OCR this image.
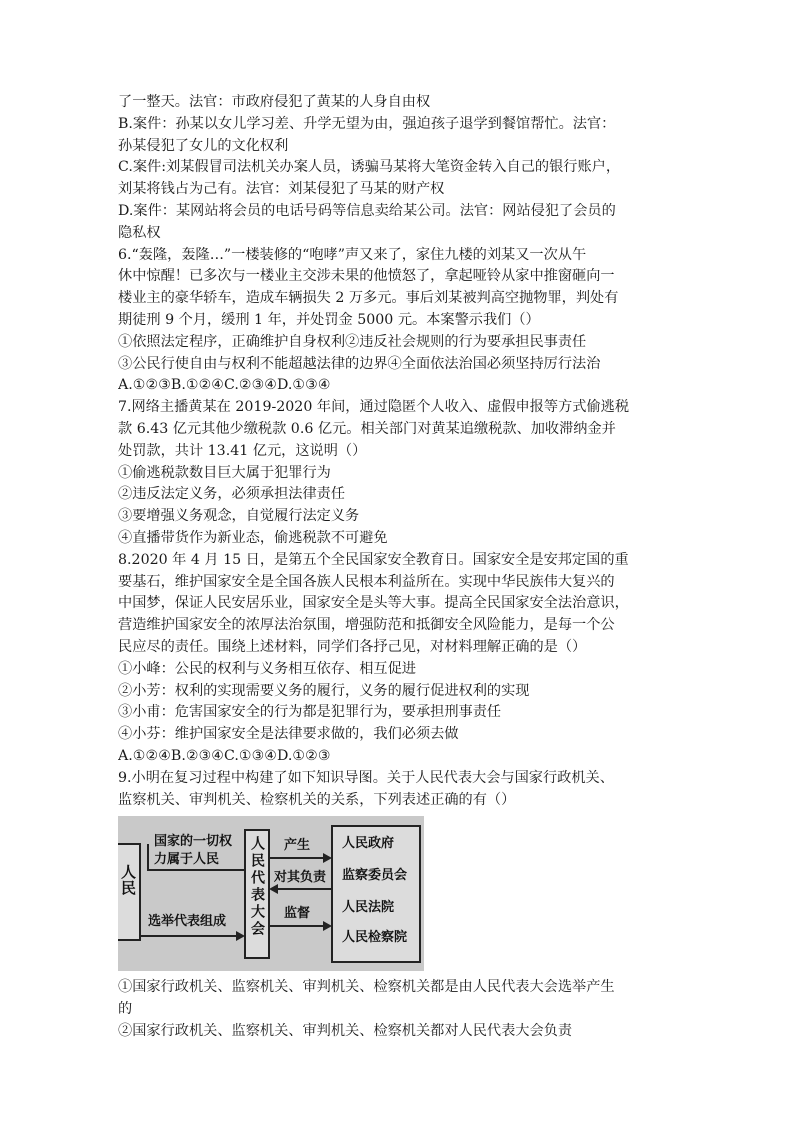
了一整天。法官：市政府侵犯了黄某的人身自由权
B.案件：孙某以女儿学习差、升学无望为由，强迫孩子退学到餐馆帮忙。法官：
孙某侵犯了女儿的文化权利
C.案件:刘某假冒司法机关办案人员，诱骗马某将大笔资金转入自己的银行账户，
刘某将钱占为己有。法官：刘某侵犯了马某的财产权
D.案件：某网站将会员的电话号码等信息卖给某公司。法官：网站侵犯了会员的
隐私权
6.“轰隆，轰隆…”一楼装修的“咆哮”声又来了，家住九楼的刘某又一次从午
休中惊醒！已多次与一楼业主交涉未果的他愤怒了，拿起哑铃从家中推窗砸向一
楼业主的豪华轿车，造成车辆损失 2 万多元。事后刘某被判高空抛物罪，判处有
期徒刑 9 个月，缓刑 1 年，并处罚金 5000 元。本案警示我们（）
①依照法定程序，正确维护自身权利②违反社会规则的行为要承担民事责任
③公民行使自由与权利不能超越法律的边界④全面依法治国必须坚持厉行法治
A.①②③B.①②④C.②③④D.①③④
7.网络主播黄某在 2019-2020 年间，通过隐匿个人收入、虚假申报等方式偷逃税
款 6.43 亿元其他少缴税款 0.6 亿元。相关部门对黄某追缴税款、加收滞纳金并
处罚款，共计 13.41 亿元，这说明（）
①偷逃税款数目巨大属于犯罪行为
②违反法定义务，必须承担法律责任
③要增强义务观念，自觉履行法定义务
④直播带货作为新业态，偷逃税款不可避免
8.2020 年 4 月 15 日，是第五个全民国家安全教育日。国家安全是安邦定国的重
要基石，维护国家安全是全国各族人民根本利益所在。实现中华民族伟大复兴的
中国梦，保证人民安居乐业，国家安全是头等大事。提高全民国家安全法治意识，
营造维护国家安全的浓厚法治氛围，增强防范和抵御安全风险能力，是每一个公
民应尽的责任。围绕上述材料，同学们各抒己见，对材料理解正确的是（）
①小峰：公民的权利与义务相互依存、相互促进
②小芳：权利的实现需要义务的履行，义务的履行促进权利的实现
③小甫：危害国家安全的行为都是犯罪行为，要承担刑事责任
④小芬：维护国家安全是法律要求做的，我们必须去做
A.①②④B.②③④C.①③④D.①②③
9.小明在复习过程中构建了如下知识导图。关于人民代表大会与国家行政机关、
监察机关、审判机关、检察机关的关系，下列表述正确的有（）
人民
国家的一切权
力属于人民
选举代表组成 人民代表大会 产生
对其负责
监督
人民政府
监察委员会
人民法院
人民检察院
①国家行政机关、监察机关、审判机关、检察机关都是由人民代表大会选举产生
的
②国家行政机关、监察机关、审判机关、检察机关都对人民代表大会负责
